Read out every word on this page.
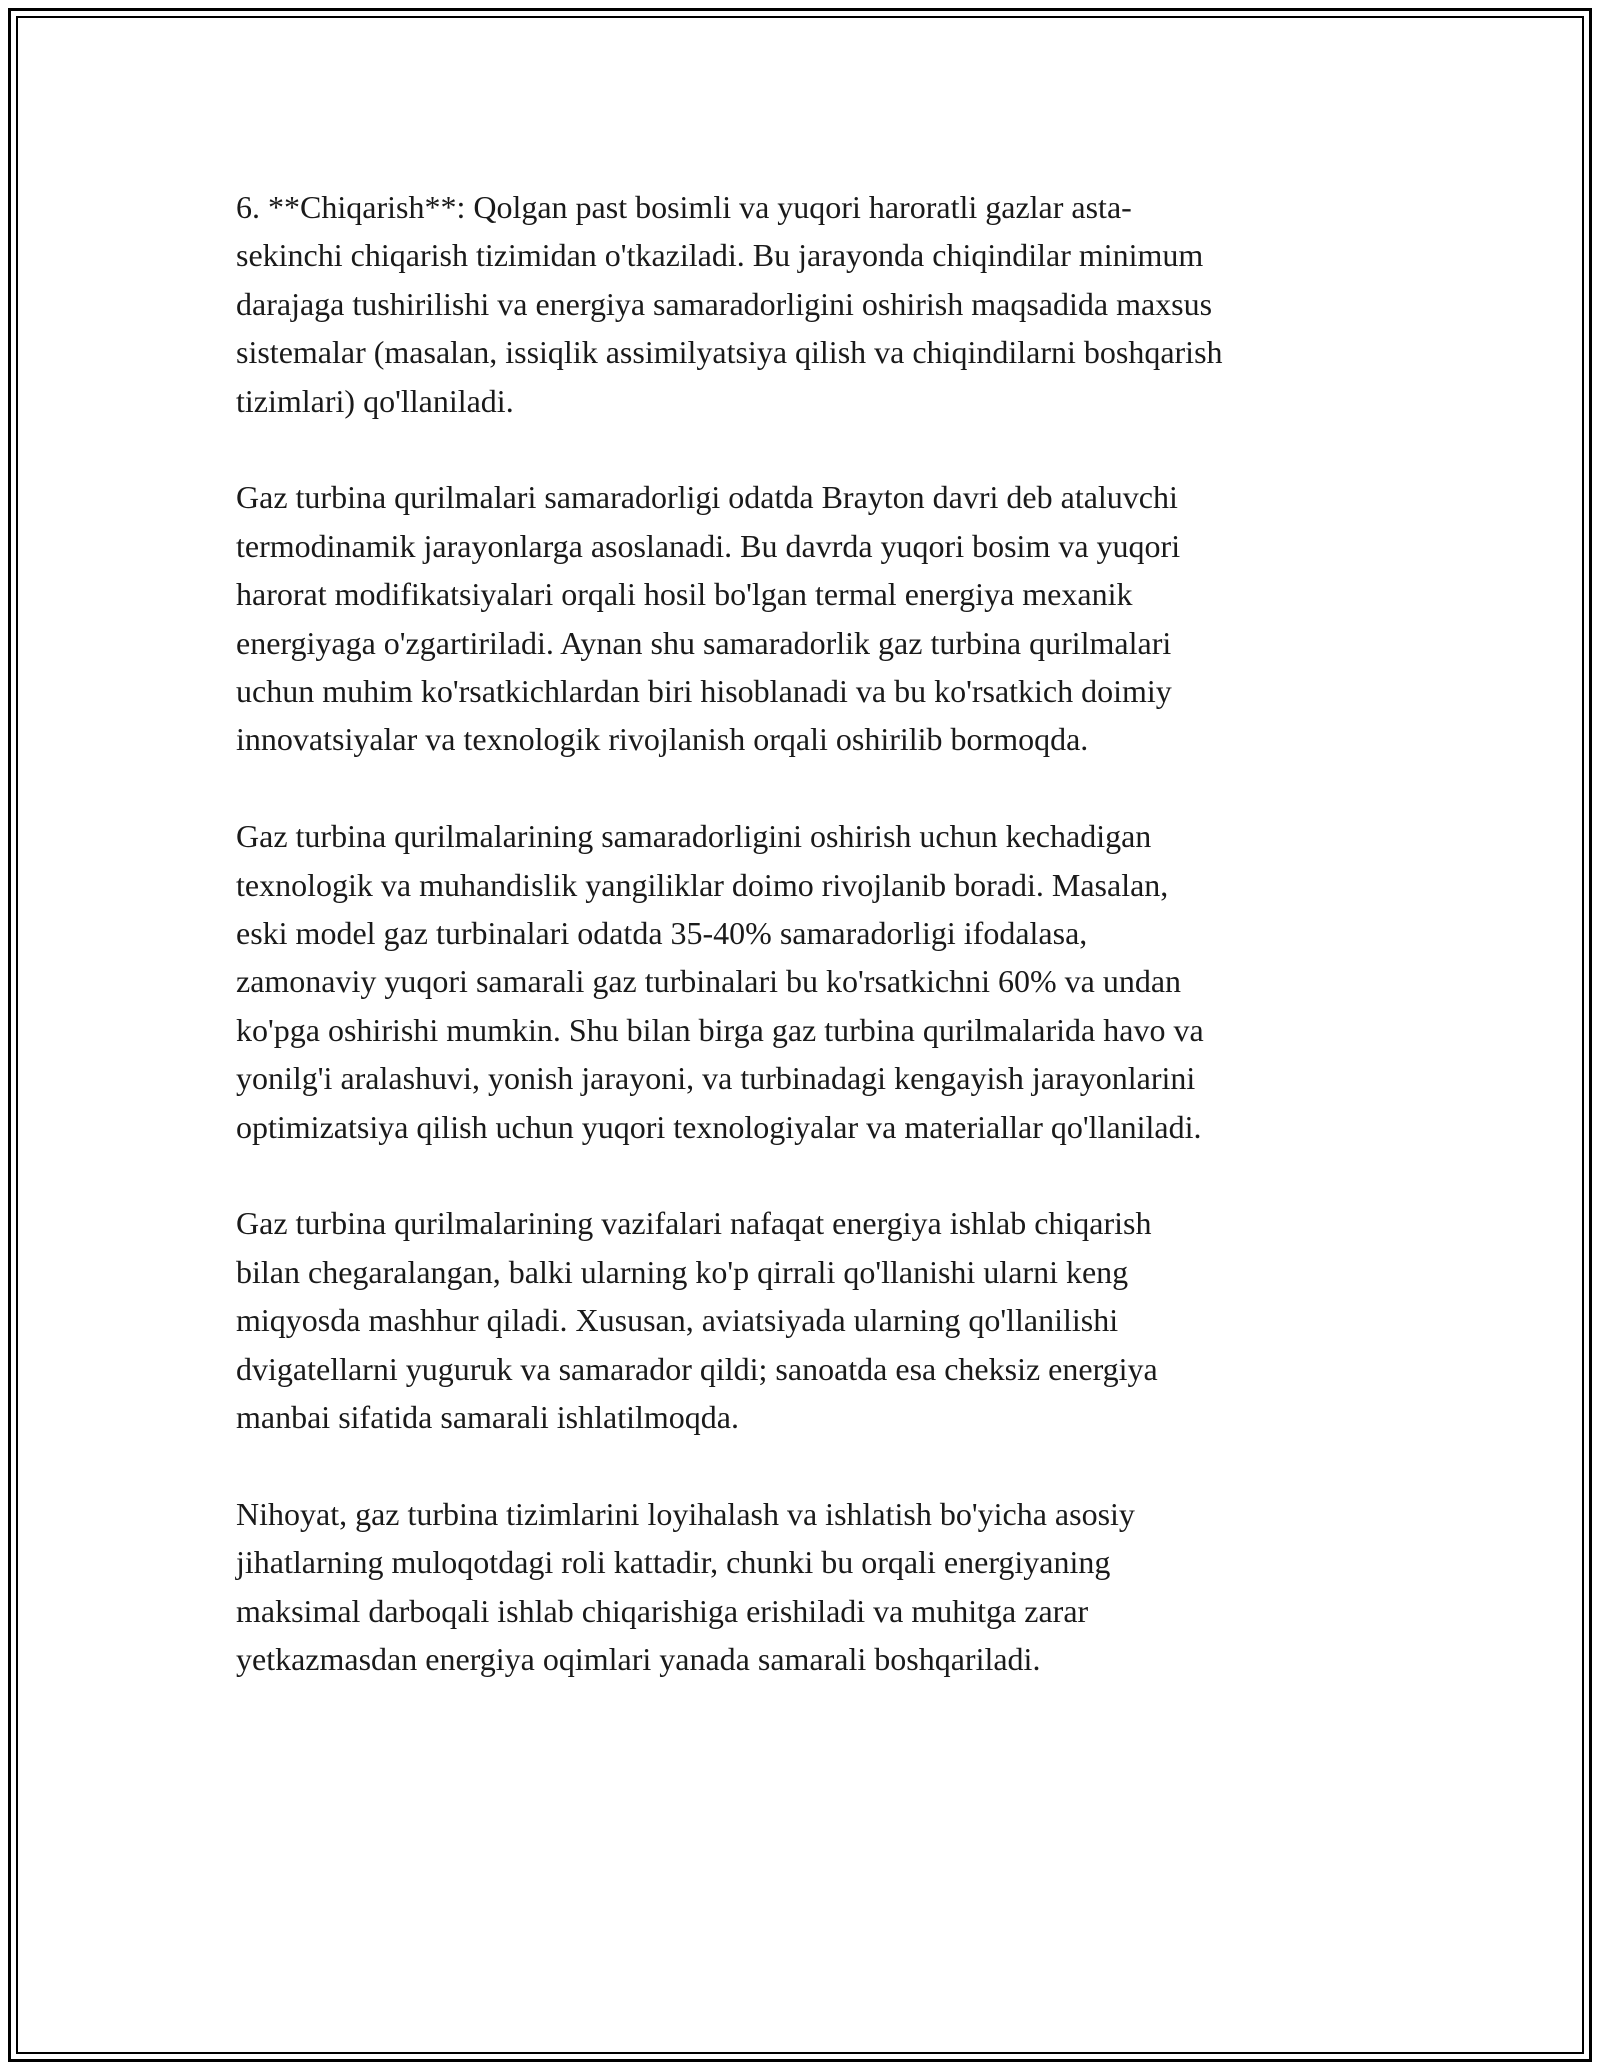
6. **Chiqarish**: Qolgan past bosimli va yuqori haroratli gazlar asta-
sekinchi chiqarish tizimidan o'tkaziladi. Bu jarayonda chiqindilar minimum
darajaga tushirilishi va energiya samaradorligini oshirish maqsadida maxsus
sistemalar (masalan, issiqlik assimilyatsiya qilish va chiqindilarni boshqarish
tizimlari) qo'llaniladi.

Gaz turbina qurilmalari samaradorligi odatda Brayton davri deb ataluvchi
termodinamik jarayonlarga asoslanadi. Bu davrda yuqori bosim va yuqori
harorat modifikatsiyalari orqali hosil bo'lgan termal energiya mexanik
energiyaga o'zgartiriladi. Aynan shu samaradorlik gaz turbina qurilmalari
uchun muhim ko'rsatkichlardan biri hisoblanadi va bu ko'rsatkich doimiy
innovatsiyalar va texnologik rivojlanish orqali oshirilib bormoqda.

Gaz turbina qurilmalarining samaradorligini oshirish uchun kechadigan
texnologik va muhandislik yangiliklar doimo rivojlanib boradi. Masalan,
eski model gaz turbinalari odatda 35-40% samaradorligi ifodalasa,
zamonaviy yuqori samarali gaz turbinalari bu ko'rsatkichni 60% va undan
ko'pga oshirishi mumkin. Shu bilan birga gaz turbina qurilmalarida havo va
yonilg'i aralashuvi, yonish jarayoni, va turbinadagi kengayish jarayonlarini
optimizatsiya qilish uchun yuqori texnologiyalar va materiallar qo'llaniladi.

Gaz turbina qurilmalarining vazifalari nafaqat energiya ishlab chiqarish
bilan chegaralangan, balki ularning ko'p qirrali qo'llanishi ularni keng
miqyosda mashhur qiladi. Xususan, aviatsiyada ularning qo'llanilishi
dvigatellarni yuguruk va samarador qildi; sanoatda esa cheksiz energiya
manbai sifatida samarali ishlatilmoqda.

Nihoyat, gaz turbina tizimlarini loyihalash va ishlatish bo'yicha asosiy
jihatlarning muloqotdagi roli kattadir, chunki bu orqali energiyaning
maksimal darboqali ishlab chiqarishiga erishiladi va muhitga zarar
yetkazmasdan energiya oqimlari yanada samarali boshqariladi.
